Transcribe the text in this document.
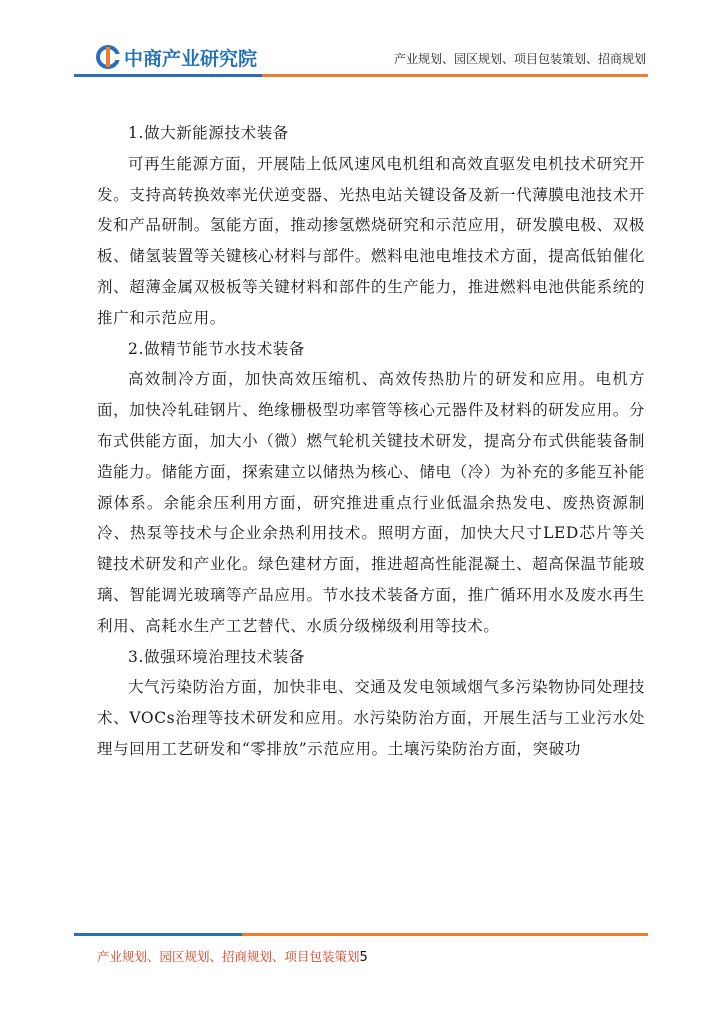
中商产业研究院	产业规划、园区规划、项目包装策划、招商规划

1.做大新能源技术装备

可再生能源方面，开展陆上低风速风电机组和高效直驱发电机技术研究开发。支持高转换效率光伏逆变器、光热电站关键设备及新一代薄膜电池技术开发和产品研制。氢能方面，推动掺氢燃烧研究和示范应用，研发膜电极、双极板、储氢装置等关键核心材料与部件。燃料电池电堆技术方面，提高低铂催化剂、超薄金属双极板等关键材料和部件的生产能力，推进燃料电池供能系统的推广和示范应用。

2.做精节能节水技术装备

高效制冷方面，加快高效压缩机、高效传热肋片的研发和应用。电机方面，加快冷轧硅钢片、绝缘栅极型功率管等核心元器件及材料的研发应用。分布式供能方面，加大小（微）燃气轮机关键技术研发，提高分布式供能装备制造能力。储能方面，探索建立以储热为核心、储电（冷）为补充的多能互补能源体系。余能余压利用方面，研究推进重点行业低温余热发电、废热资源制冷、热泵等技术与企业余热利用技术。照明方面，加快大尺寸LED芯片等关键技术研发和产业化。绿色建材方面，推进超高性能混凝土、超高保温节能玻璃、智能调光玻璃等产品应用。节水技术装备方面，推广循环用水及废水再生利用、高耗水生产工艺替代、水质分级梯级利用等技术。

3.做强环境治理技术装备

大气污染防治方面，加快非电、交通及发电领域烟气多污染物协同处理技术、VOCs治理等技术研发和应用。水污染防治方面，开展生活与工业污水处理与回用工艺研发和“零排放”示范应用。土壤污染防治方面，突破功

产业规划、园区规划、招商规划、项目包装策划5
